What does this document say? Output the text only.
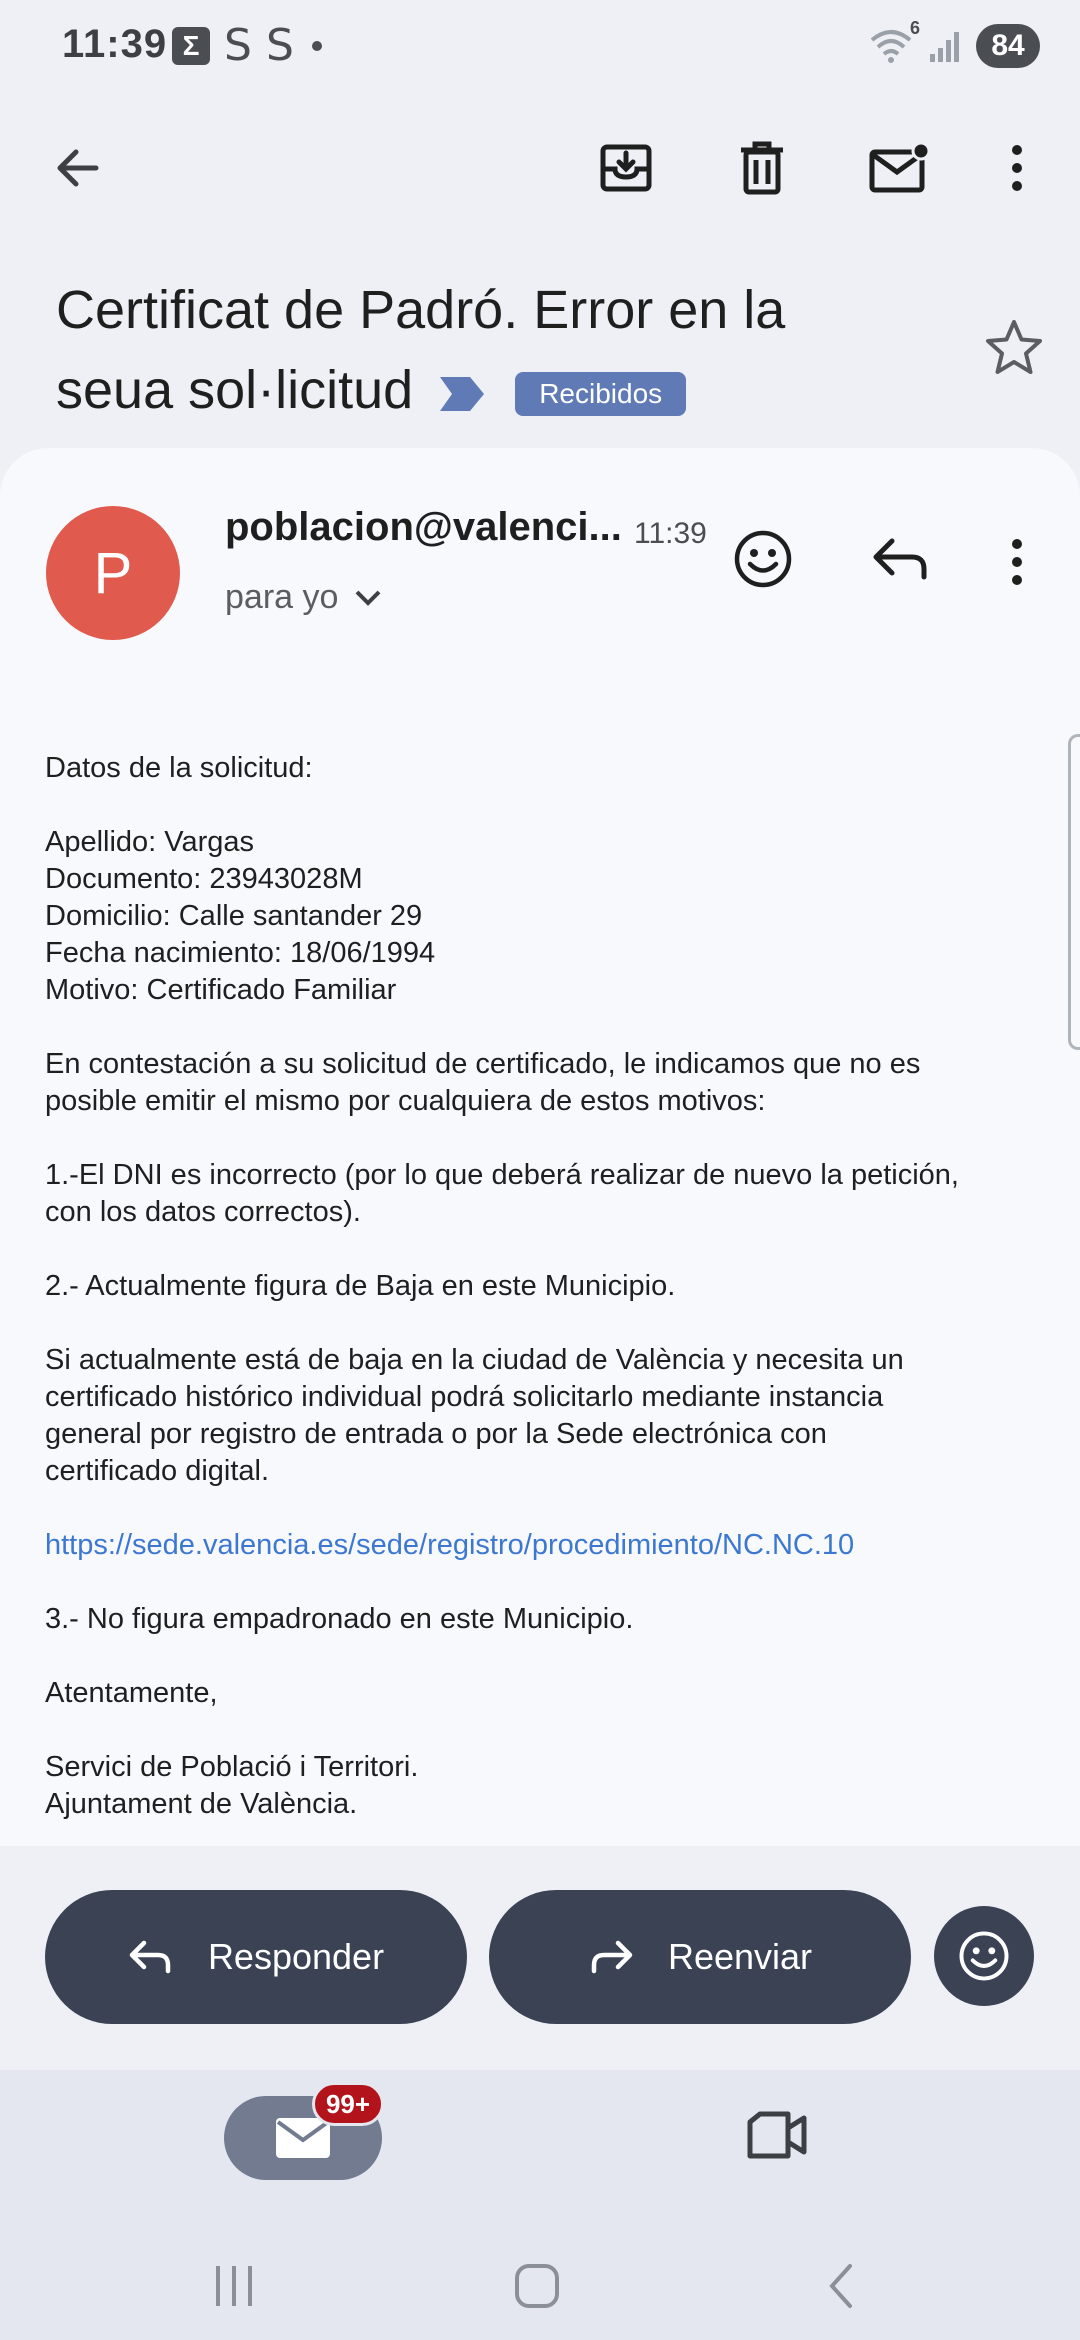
11:39 Σ S S	6
84
Certificat de Padró. Error en la
seua sol·licitud	Recibidos
P
poblacion@valenci... 11:39
para yo

Datos de la solicitud:

Apellido: Vargas

Documento: 23943028M

Domicilio: Calle santander 29

Fecha nacimiento: 18/06/1994

Motivo: Certificado Familiar

En contestación a su solicitud de certificado, le indicamos que no es

posible emitir el mismo por cualquiera de estos motivos:

1.-El DNI es incorrecto (por lo que deberá realizar de nuevo la petición,

con los datos correctos).

2.- Actualmente figura de Baja en este Municipio.

Si actualmente está de baja en la ciudad de València y necesita un

certificado histórico individual podrá solicitarlo mediante instancia

general por registro de entrada o por la Sede electrónica con

certificado digital.

https://sede.valencia.es/sede/registro/procedimiento/NC.NC.10

3.- No figura empadronado en este Municipio.

Atentamente,

Servici de Població i Territori.

Ajuntament de València.

Responder	Reenviar
99+
